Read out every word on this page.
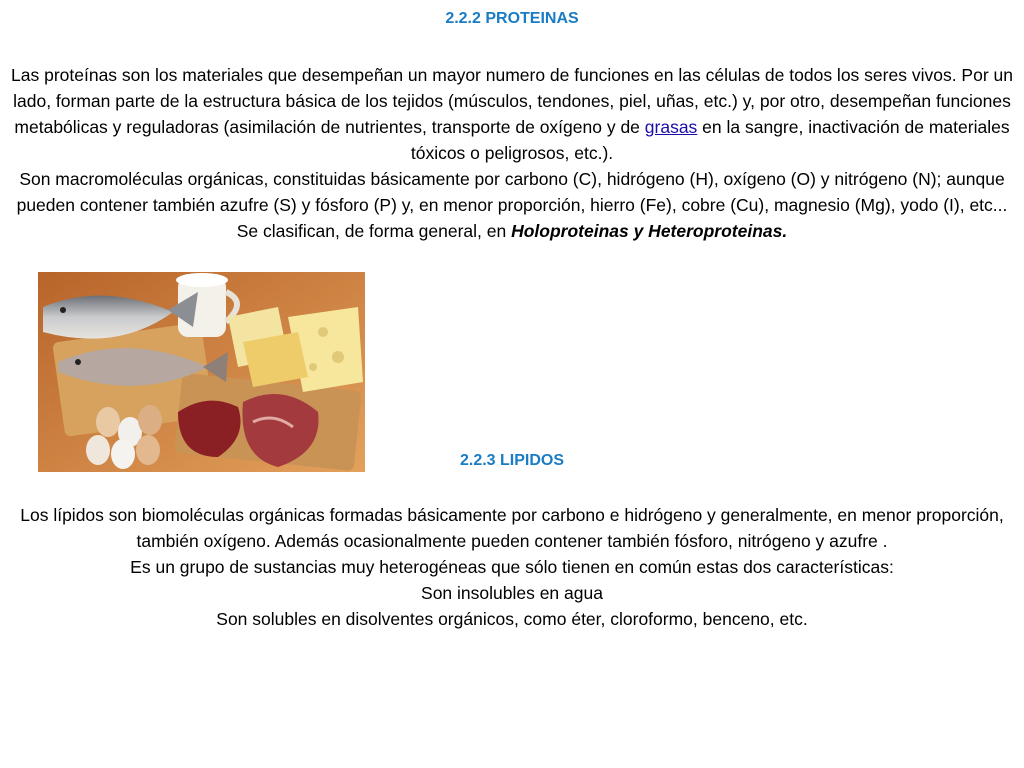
2.2.2 PROTEINAS
Las proteínas son los materiales que desempeñan un mayor numero de funciones en las células de todos los seres vivos. Por un lado, forman parte de la estructura básica de los tejidos (músculos, tendones, piel, uñas, etc.) y, por otro, desempeñan funciones metabólicas y reguladoras (asimilación de nutrientes, transporte de oxígeno y de grasas en la sangre, inactivación de materiales tóxicos o peligrosos, etc.).
Son macromoléculas orgánicas, constituidas básicamente por carbono (C), hidrógeno (H), oxígeno (O) y nitrógeno (N); aunque pueden contener también azufre (S) y fósforo (P) y, en menor proporción, hierro (Fe), cobre (Cu), magnesio (Mg), yodo (I), etc...
Se clasifican, de forma general, en Holoproteinas y Heteroproteinas.
2.2.3 LIPIDOS
Los lípidos son biomoléculas orgánicas formadas básicamente por carbono e hidrógeno y generalmente, en menor proporción, también oxígeno. Además ocasionalmente pueden contener también fósforo, nitrógeno y azufre .
Es un grupo de sustancias muy heterogéneas que sólo tienen en común estas dos características:
Son insolubles en agua
Son solubles en disolventes orgánicos, como éter, cloroformo, benceno, etc.
